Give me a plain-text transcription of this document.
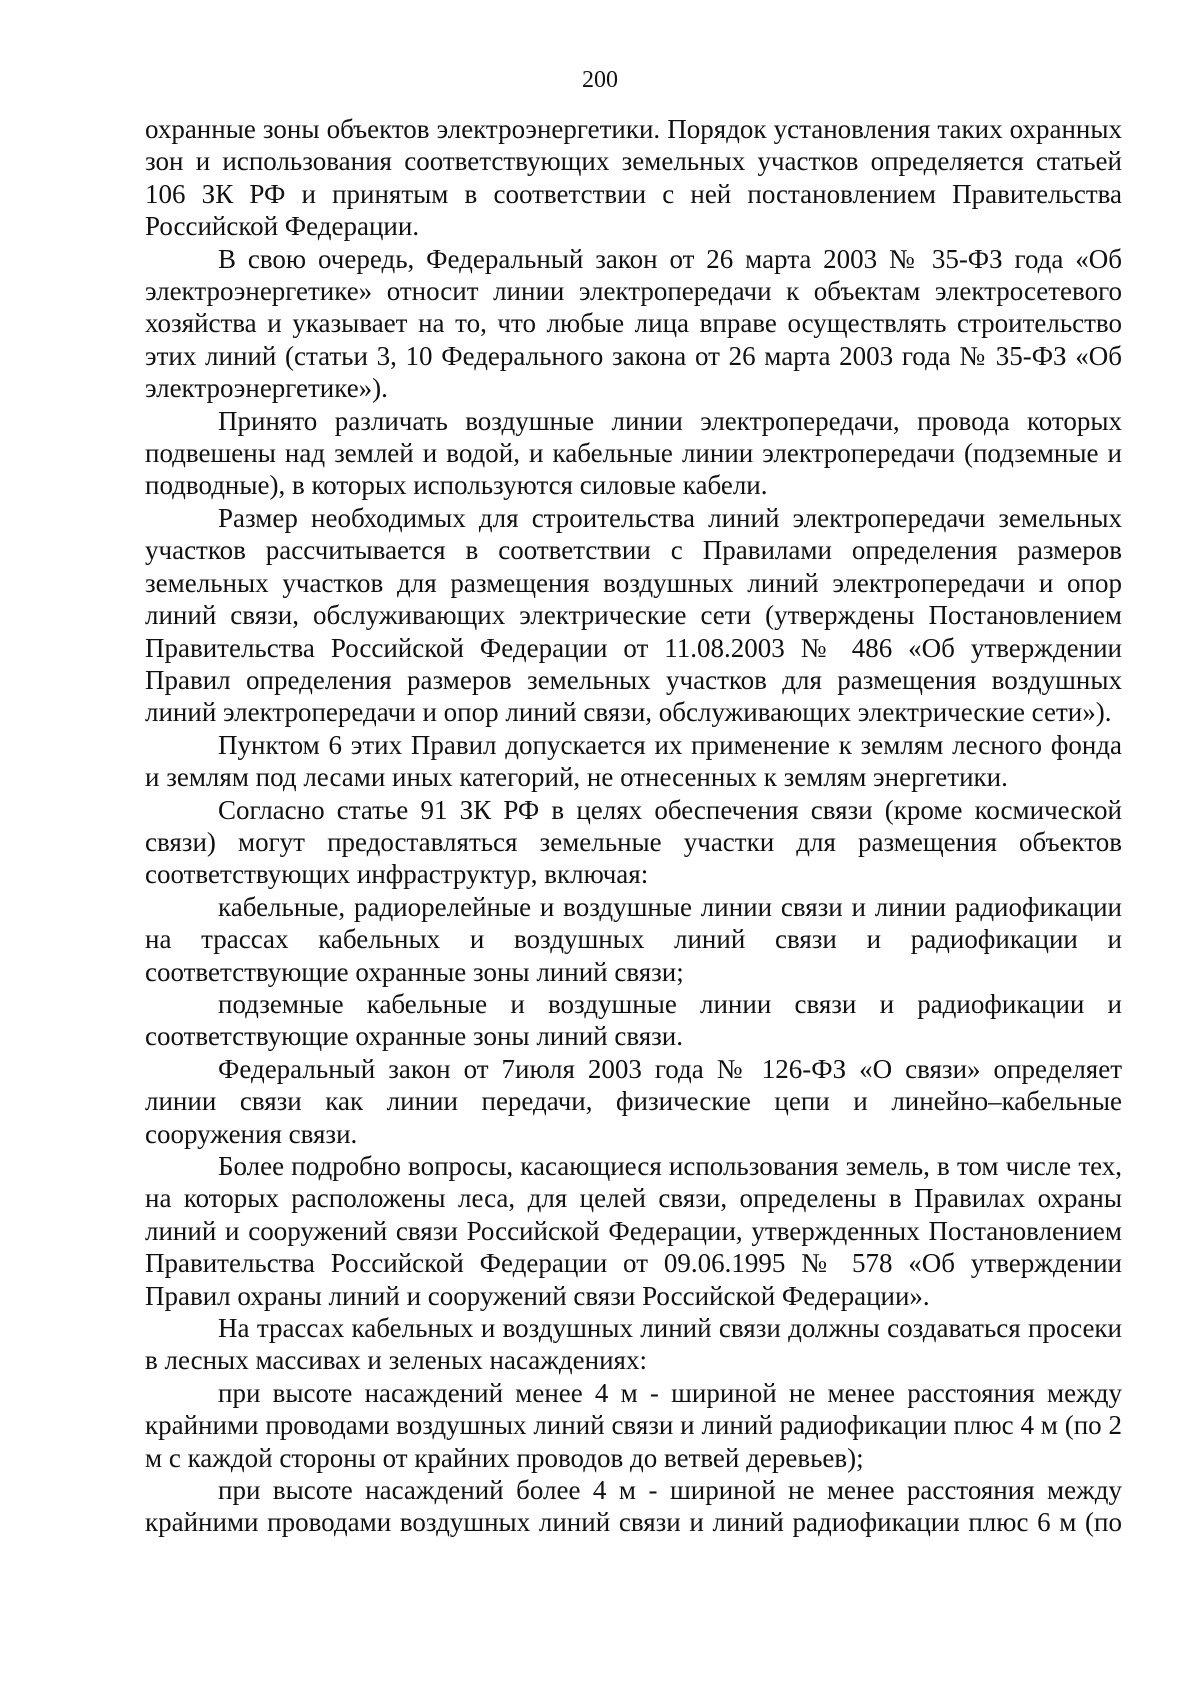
200

охранные зоны объектов электроэнергетики. Порядок установления таких охранных зон и использования соответствующих земельных участков определяется статьей 106 ЗК РФ и принятым в соответствии с ней постановлением Правительства Российской Федерации.

В свою очередь, Федеральный закон от 26 марта 2003 № 35-ФЗ года «Об электроэнергетике» относит линии электропередачи к объектам электросетевого хозяйства и указывает на то, что любые лица вправе осуществлять строительство этих линий (статьи 3, 10 Федерального закона от 26 марта 2003 года № 35-ФЗ «Об электроэнергетике»).

Принято различать воздушные линии электропередачи, провода которых подвешены над землей и водой, и кабельные линии электропередачи (подземные и подводные), в которых используются силовые кабели.

Размер необходимых для строительства линий электропередачи земельных участков рассчитывается в соответствии с Правилами определения размеров земельных участков для размещения воздушных линий электропередачи и опор линий связи, обслуживающих электрические сети (утверждены Постановлением Правительства Российской Федерации от 11.08.2003 № 486 «Об утверждении Правил определения размеров земельных участков для размещения воздушных линий электропередачи и опор линий связи, обслуживающих электрические сети»).

Пунктом 6 этих Правил допускается их применение к землям лесного фонда и землям под лесами иных категорий, не отнесенных к землям энергетики.

Согласно статье 91 ЗК РФ в целях обеспечения связи (кроме космической связи) могут предоставляться земельные участки для размещения объектов соответствующих инфраструктур, включая:

кабельные, радиорелейные и воздушные линии связи и линии радиофикации на трассах кабельных и воздушных линий связи и радиофикации и соответствующие охранные зоны линий связи;

подземные кабельные и воздушные линии связи и радиофикации и соответствующие охранные зоны линий связи.

Федеральный закон от 7июля 2003 года № 126-ФЗ «О связи» определяет линии связи как линии передачи, физические цепи и линейно–кабельные сооружения связи.

Более подробно вопросы, касающиеся использования земель, в том числе тех, на которых расположены леса, для целей связи, определены в Правилах охраны линий и сооружений связи Российской Федерации, утвержденных Постановлением Правительства Российской Федерации от 09.06.1995 № 578 «Об утверждении Правил охраны линий и сооружений связи Российской Федерации».

На трассах кабельных и воздушных линий связи должны создаваться просеки в лесных массивах и зеленых насаждениях:

при высоте насаждений менее 4 м - шириной не менее расстояния между крайними проводами воздушных линий связи и линий радиофикации плюс 4 м (по 2 м с каждой стороны от крайних проводов до ветвей деревьев);

при высоте насаждений более 4 м - шириной не менее расстояния между крайними проводами воздушных линий связи и линий радиофикации плюс 6 м (по
